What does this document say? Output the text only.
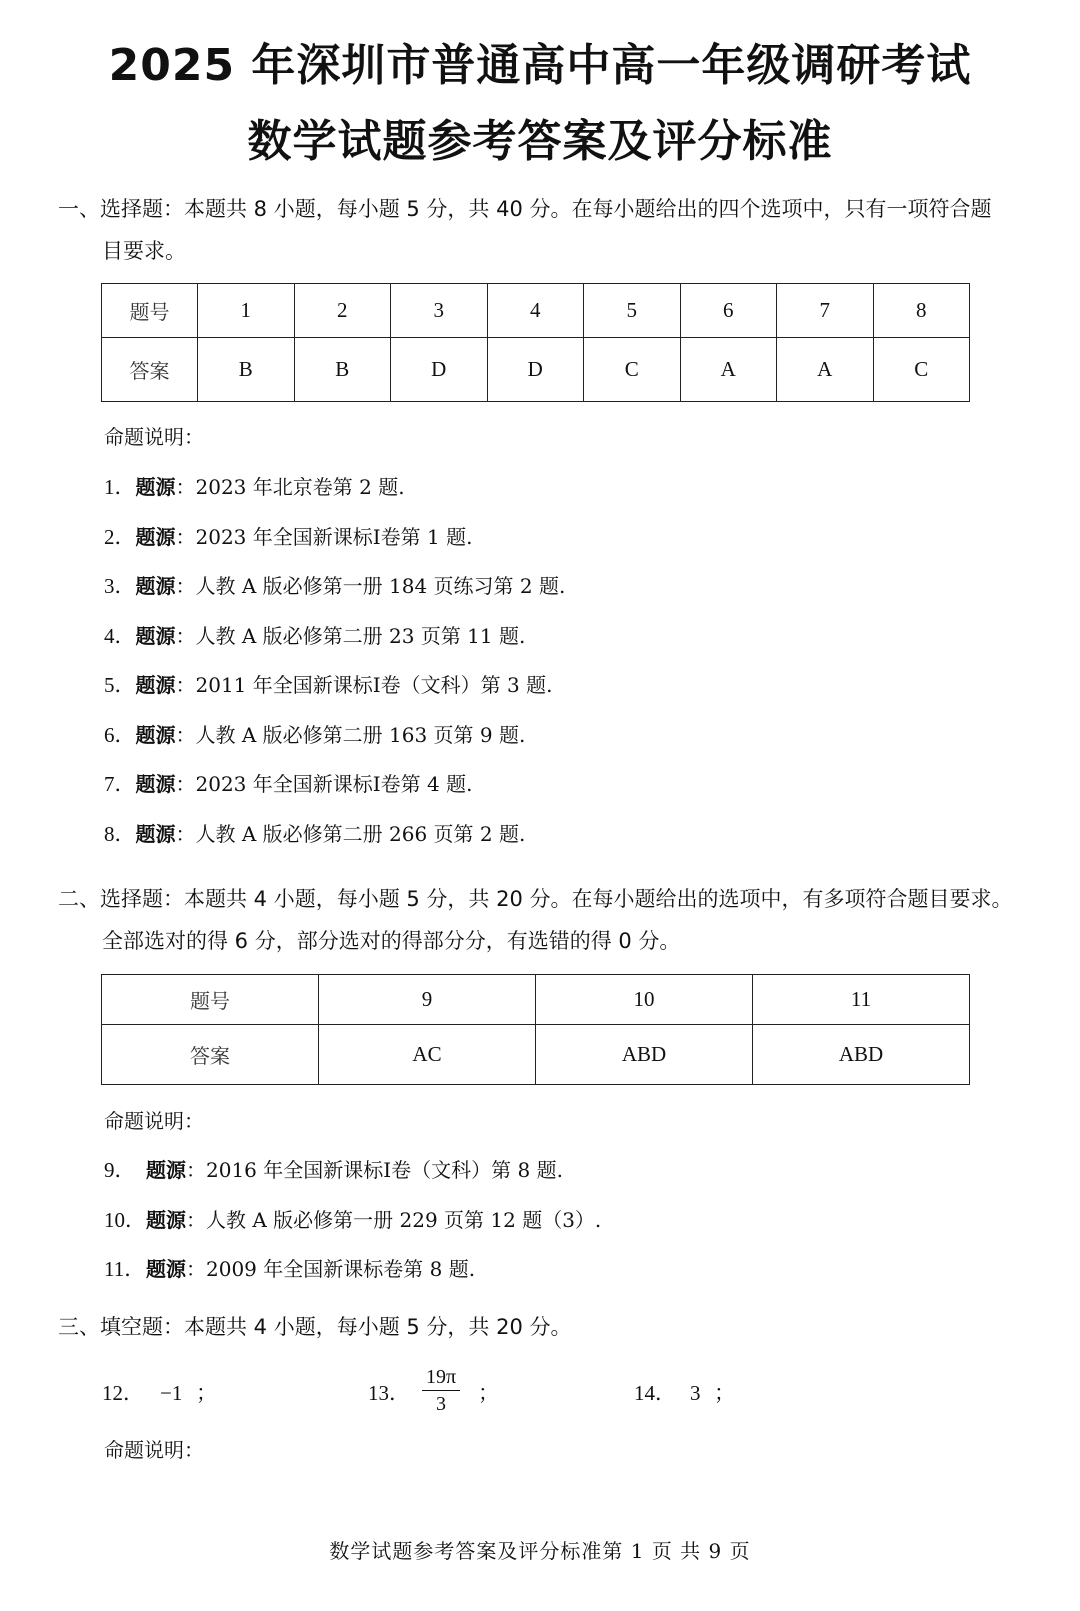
2025 年深圳市普通高中高一年级调研考试
数学试题参考答案及评分标准
一、选择题：本题共 8 小题，每小题 5 分，共 40 分。在每小题给出的四个选项中，只有一项符合题
目要求。
题号	1	2	3	4	5	6	7	8
答案	B	B	D	D	C	A	A	C
命题说明：
1．题源：2023 年北京卷第 2 题.
2．题源：2023 年全国新课标I卷第 1 题.
3．题源：人教 A 版必修第一册 184 页练习第 2 题.
4．题源：人教 A 版必修第二册 23 页第 11 题.
5．题源：2011 年全国新课标I卷（文科）第 3 题.
6．题源：人教 A 版必修第二册 163 页第 9 题.
7．题源：2023 年全国新课标I卷第 4 题.
8．题源：人教 A 版必修第二册 266 页第 2 题.
二、选择题：本题共 4 小题，每小题 5 分，共 20 分。在每小题给出的选项中，有多项符合题目要求。
全部选对的得 6 分，部分选对的得部分分，有选错的得 0 分。
题号	9	10	11
答案	AC	ABD	ABD
命题说明：
9． 题源：2016 年全国新课标I卷（文科）第 8 题.
10．题源：人教 A 版必修第一册 229 页第 12 题（3）.
11．题源：2009 年全国新课标卷第 8 题.
三、填空题：本题共 4 小题，每小题 5 分，共 20 分。
12． −1 ；	13．
19π
3	；	14． 3 ；
命题说明：
数学试题参考答案及评分标准第 1 页 共 9 页
